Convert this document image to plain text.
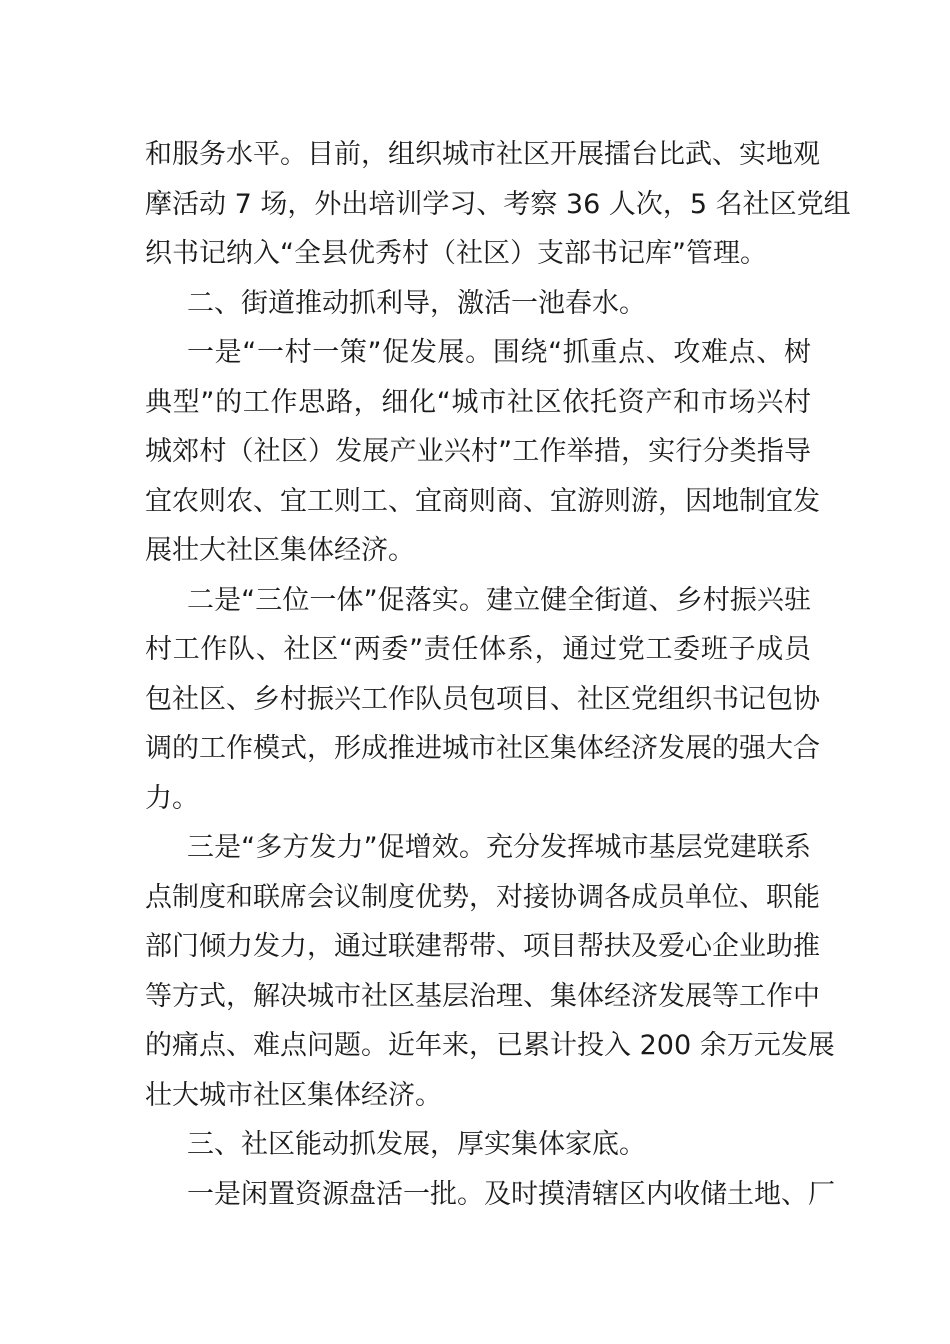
和服务水平。目前，组织城市社区开展擂台比武、实地观
摩活动 7 场，外出培训学习、考察 36 人次，5 名社区党组
织书记纳入“全县优秀村（社区）支部书记库”管理。
二、街道推动抓利导，激活一池春水。
一是“一村一策”促发展。围绕“抓重点、攻难点、树
典型”的工作思路，细化“城市社区依托资产和市场兴村
城郊村（社区）发展产业兴村”工作举措，实行分类指导
宜农则农、宜工则工、宜商则商、宜游则游，因地制宜发
展壮大社区集体经济。
二是“三位一体”促落实。建立健全街道、乡村振兴驻
村工作队、社区“两委”责任体系，通过党工委班子成员
包社区、乡村振兴工作队员包项目、社区党组织书记包协
调的工作模式，形成推进城市社区集体经济发展的强大合
力。
三是“多方发力”促增效。充分发挥城市基层党建联系
点制度和联席会议制度优势，对接协调各成员单位、职能
部门倾力发力，通过联建帮带、项目帮扶及爱心企业助推
等方式，解决城市社区基层治理、集体经济发展等工作中
的痛点、难点问题。近年来，已累计投入 200 余万元发展
壮大城市社区集体经济。
三、社区能动抓发展，厚实集体家底。
一是闲置资源盘活一批。及时摸清辖区内收储土地、厂
